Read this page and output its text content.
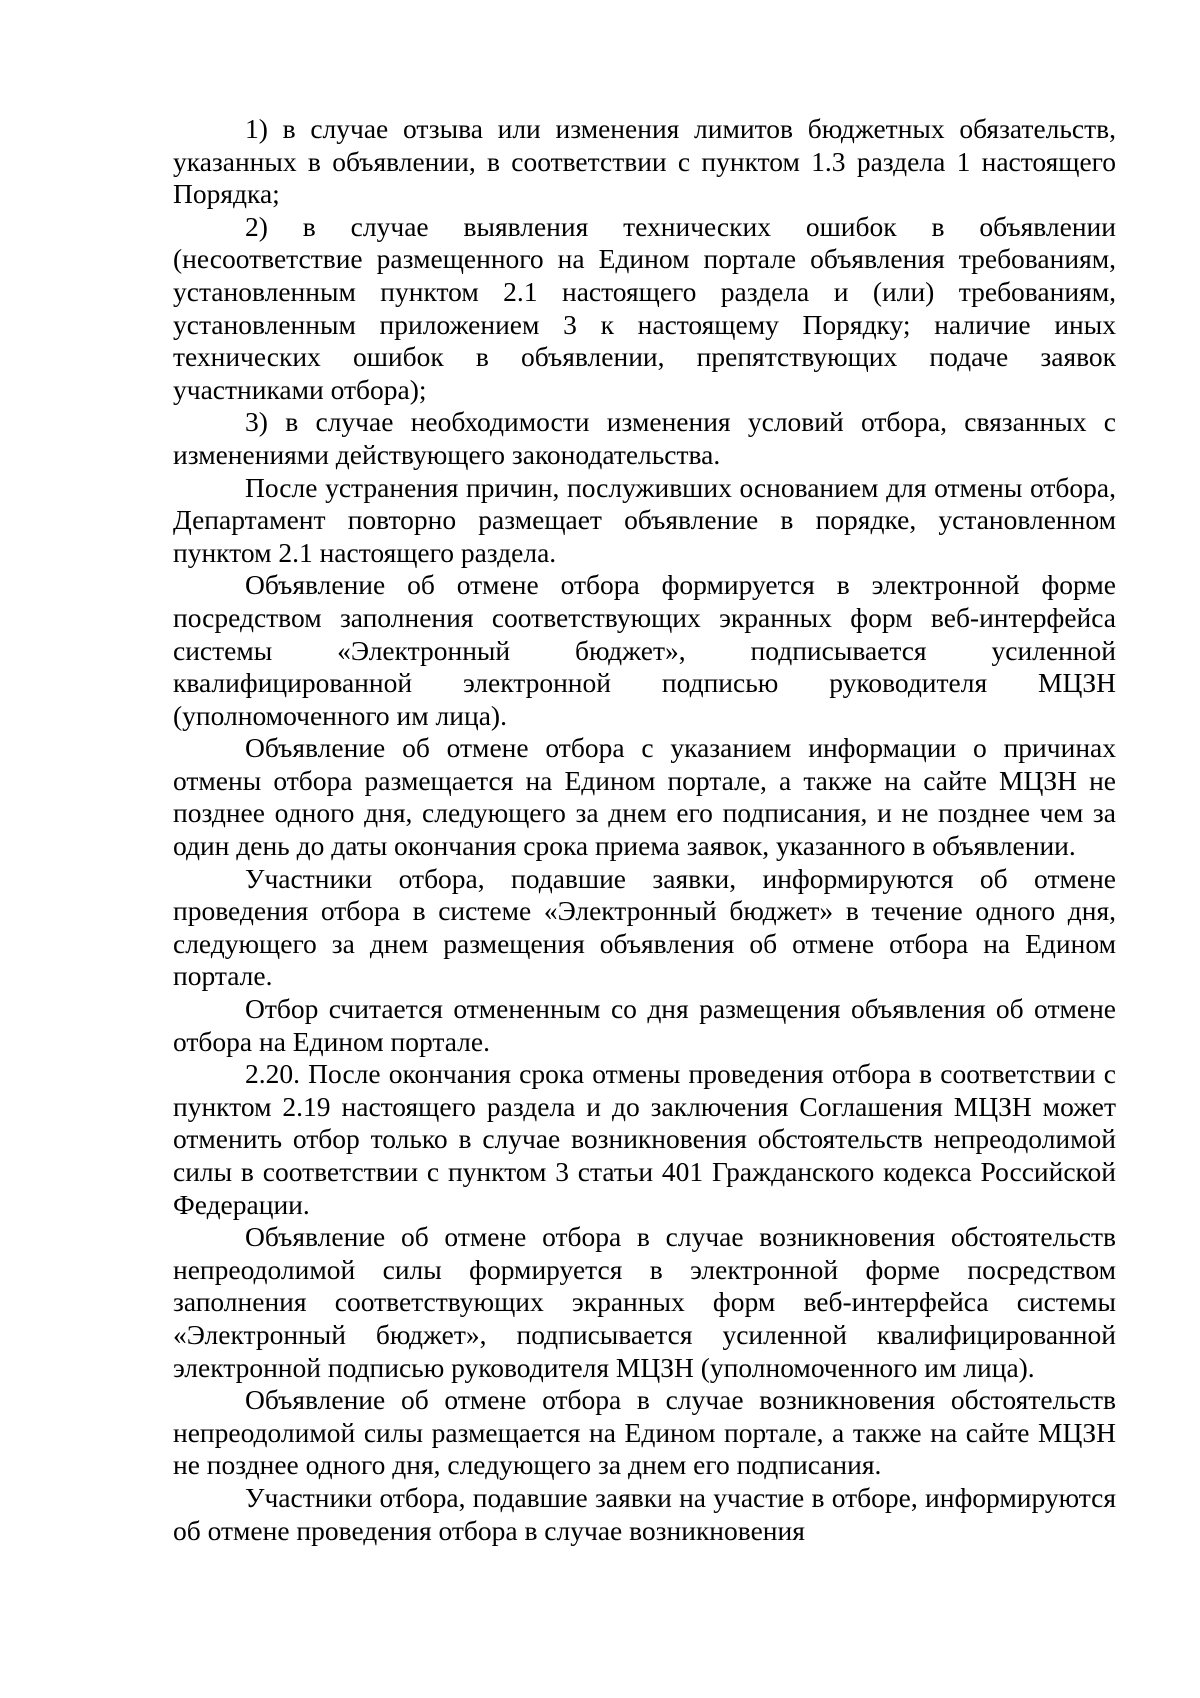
1) в случае отзыва или изменения лимитов бюджетных обязательств, указанных в объявлении, в соответствии с пунктом 1.3 раздела 1 настоящего Порядка;

2) в случае выявления технических ошибок в объявлении (несоответствие размещенного на Едином портале объявления требованиям, установленным пунктом 2.1 настоящего раздела и (или) требованиям, установленным приложением 3 к настоящему Порядку; наличие иных технических ошибок в объявлении, препятствующих подаче заявок участниками отбора);

3) в случае необходимости изменения условий отбора, связанных с изменениями действующего законодательства.

После устранения причин, послуживших основанием для отмены отбора, Департамент повторно размещает объявление в порядке, установленном пунктом 2.1 настоящего раздела.

Объявление об отмене отбора формируется в электронной форме посредством заполнения соответствующих экранных форм веб-интерфейса системы «Электронный бюджет», подписывается усиленной квалифицированной электронной подписью руководителя МЦЗН (уполномоченного им лица).

Объявление об отмене отбора с указанием информации о причинах отмены отбора размещается на Едином портале, а также на сайте МЦЗН не позднее одного дня, следующего за днем его подписания, и не позднее чем за один день до даты окончания срока приема заявок, указанного в объявлении.

Участники отбора, подавшие заявки, информируются об отмене проведения отбора в системе «Электронный бюджет» в течение одного дня, следующего за днем размещения объявления об отмене отбора на Едином портале.

Отбор считается отмененным со дня размещения объявления об отмене отбора на Едином портале.

2.20. После окончания срока отмены проведения отбора в соответствии с пунктом 2.19 настоящего раздела и до заключения Соглашения МЦЗН может отменить отбор только в случае возникновения обстоятельств непреодолимой силы в соответствии с пунктом 3 статьи 401 Гражданского кодекса Российской Федерации.

Объявление об отмене отбора в случае возникновения обстоятельств непреодолимой силы формируется в электронной форме посредством заполнения соответствующих экранных форм веб-интерфейса системы «Электронный бюджет», подписывается усиленной квалифицированной электронной подписью руководителя МЦЗН (уполномоченного им лица).

Объявление об отмене отбора в случае возникновения обстоятельств непреодолимой силы размещается на Едином портале, а также на сайте МЦЗН не позднее одного дня, следующего за днем его подписания.

Участники отбора, подавшие заявки на участие в отборе, информируются об отмене проведения отбора в случае возникновения
